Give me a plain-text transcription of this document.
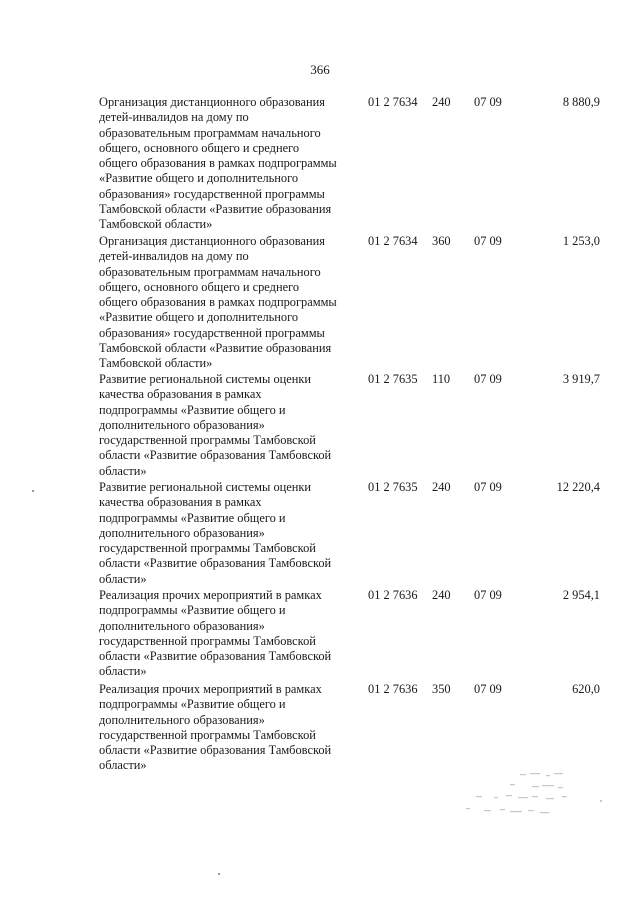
366
Организация дистанционного образования
детей-инвалидов на дому по
образовательным программам начального
общего, основного общего и среднего
общего образования в рамках подпрограммы
«Развитие общего и дополнительного
образования» государственной программы
Тамбовской области «Развитие образования
Тамбовской области»
01 2 7634 240 07 09	8 880,9
Организация дистанционного образования
детей-инвалидов на дому по
образовательным программам начального
общего, основного общего и среднего
общего образования в рамках подпрограммы
«Развитие общего и дополнительного
образования» государственной программы
Тамбовской области «Развитие образования
Тамбовской области»
01 2 7634 360 07 09	1 253,0
Развитие региональной системы оценки
качества образования в рамках
подпрограммы «Развитие общего и
дополнительного образования»
государственной программы Тамбовской
области «Развитие образования Тамбовской
области»
01 2 7635 110 07 09	3 919,7
Развитие региональной системы оценки
качества образования в рамках
подпрограммы «Развитие общего и
дополнительного образования»
государственной программы Тамбовской
области «Развитие образования Тамбовской
области»
01 2 7635 240 07 09	12 220,4
Реализация прочих мероприятий в рамках
подпрограммы «Развитие общего и
дополнительного образования»
государственной программы Тамбовской
области «Развитие образования Тамбовской
области»
01 2 7636 240 07 09	2 954,1
Реализация прочих мероприятий в рамках
подпрограммы «Развитие общего и
дополнительного образования»
государственной программы Тамбовской
области «Развитие образования Тамбовской
области»
01 2 7636 350 07 09	620,0
